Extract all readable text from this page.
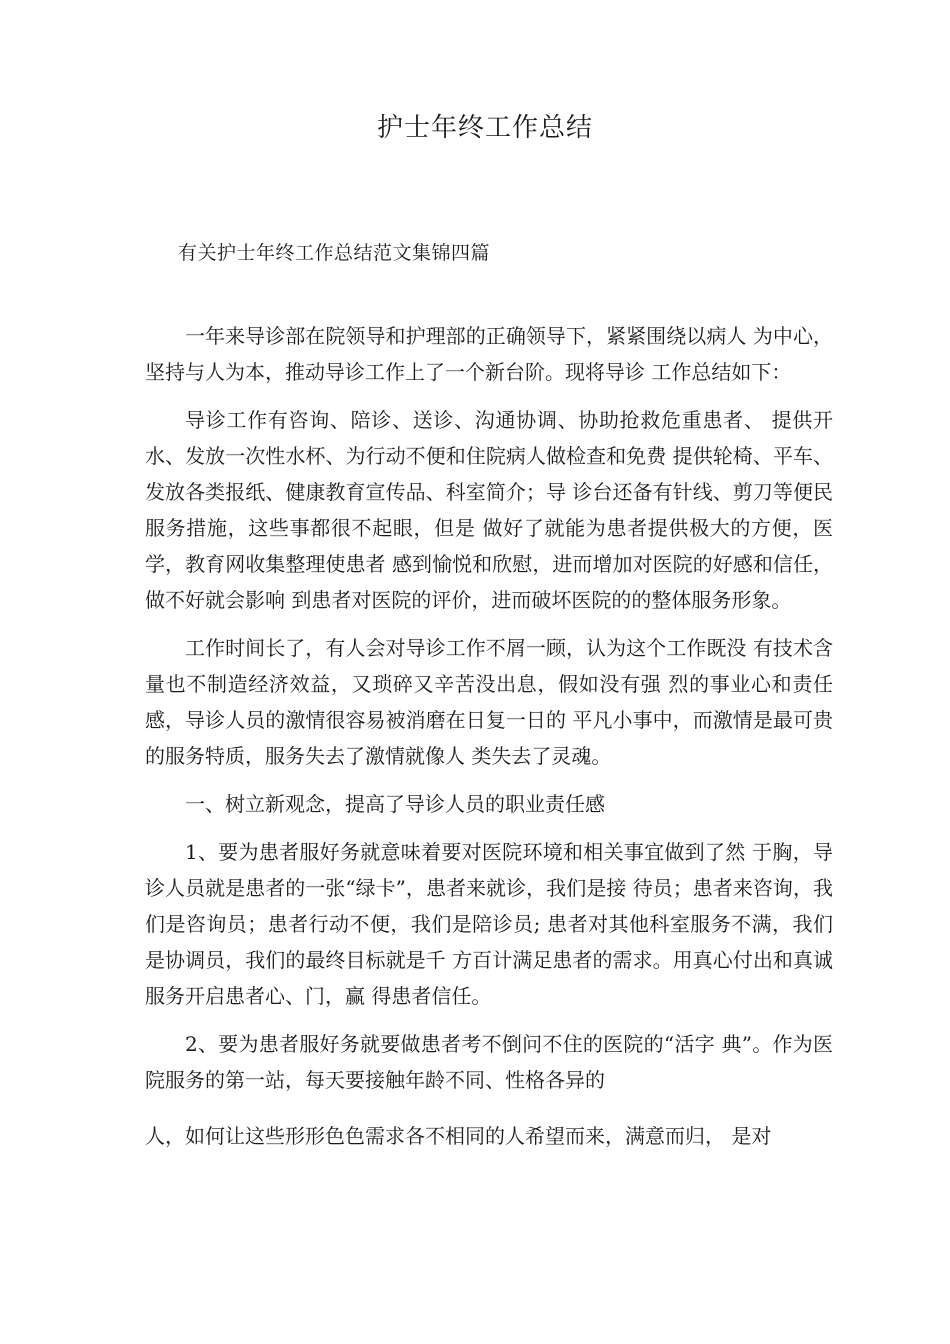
护士年终工作总结

有关护士年终工作总结范文集锦四篇

一年来导诊部在院领导和护理部的正确领导下，紧紧围绕以病人 为中心，坚持与人为本，推动导诊工作上了一个新台阶。现将导诊 工作总结如下：

导诊工作有咨询、陪诊、送诊、沟通协调、协助抢救危重患者、 提供开水、发放一次性水杯、为行动不便和住院病人做检查和免费 提供轮椅、平车、发放各类报纸、健康教育宣传品、科室简介；导 诊台还备有针线、剪刀等便民服务措施，这些事都很不起眼，但是 做好了就能为患者提供极大的方便，医学，教育网收集整理使患者 感到愉悦和欣慰，进而增加对医院的好感和信任，做不好就会影响 到患者对医院的评价，进而破坏医院的的整体服务形象。

工作时间长了，有人会对导诊工作不屑一顾，认为这个工作既没 有技术含量也不制造经济效益，又琐碎又辛苦没出息，假如没有强 烈的事业心和责任感，导诊人员的激情很容易被消磨在日复一日的 平凡小事中，而激情是最可贵的服务特质，服务失去了激情就像人 类失去了灵魂。

一、树立新观念，提高了导诊人员的职业责任感

1、要为患者服好务就意味着要对医院环境和相关事宜做到了然 于胸，导诊人员就是患者的一张“绿卡”，患者来就诊，我们是接 待员；患者来咨询，我们是咨询员；患者行动不便，我们是陪诊员; 患者对其他科室服务不满，我们是协调员，我们的最终目标就是千 方百计满足患者的需求。用真心付出和真诚服务开启患者心、门，赢 得患者信任。

2、要为患者服好务就要做患者考不倒问不住的医院的“活字 典”。作为医院服务的第一站，每天要接触年龄不同、性格各异的

人，如何让这些形形色色需求各不相同的人希望而来，满意而归， 是对
